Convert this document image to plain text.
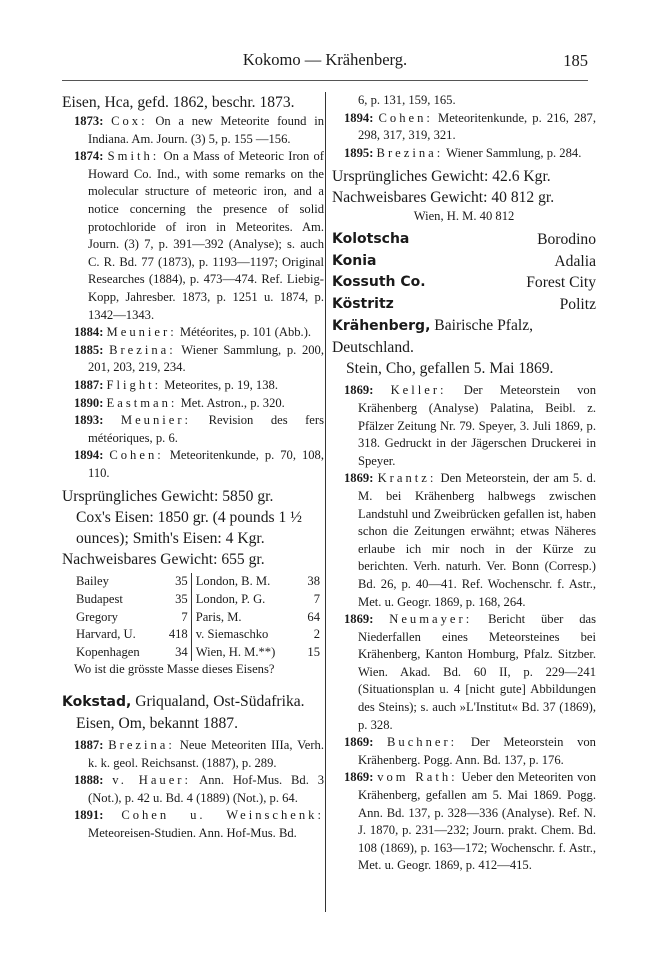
Kokomo — Krähenberg.	185
Eisen, Hca, gefd. 1862, beschr. 1873.
1873: Cox: On a new Meteorite found in Indiana. Am. Journ. (3) 5, p. 155 —156.
1874: Smith: On a Mass of Meteoric Iron of Howard Co. Ind., with some remarks on the molecular structure of meteoric iron, and a notice concerning the presence of solid protochloride of iron in Meteorites. Am. Journ. (3) 7, p. 391—392 (Analyse); s. auch C. R. Bd. 77 (1873), p. 1193—1197; Original Researches (1884), p. 473—474. Ref. Liebig-Kopp, Jahresber. 1873, p. 1251 u. 1874, p. 1342—1343.
1884: Meunier: Météorites, p. 101 (Abb.).
1885: Brezina: Wiener Sammlung, p. 200, 201, 203, 219, 234.
1887: Flight: Meteorites, p. 19, 138.
1890: Eastman: Met. Astron., p. 320.
1893: Meunier: Revision des fers météoriques, p. 6.
1894: Cohen: Meteoritenkunde, p. 70, 108, 110.
Ursprüngliches Gewicht: 5850 gr.
Cox's Eisen: 1850 gr. (4 pounds 1 ½ ounces); Smith's Eisen: 4 Kgr.
Nachweisbares Gewicht: 655 gr.
Bailey	35	London, B. M.	38
Budapest	35	London, P. G.	7
Gregory	7	Paris, M.	64
Harvard, U.	418	v. Siemaschko	2
Kopenhagen	34	Wien, H. M.**)	15
Wo ist die grösste Masse dieses Eisens?
Kokstad, Griqualand, Ost-Südafrika.
Eisen, Om, bekannt 1887.
1887: Brezina: Neue Meteoriten IIIa, Verh. k. k. geol. Reichsanst. (1887), p. 289.
1888: v. Hauer: Ann. Hof-Mus. Bd. 3 (Not.), p. 42 u. Bd. 4 (1889) (Not.), p. 64.
1891: Cohen u. Weinschenk: Meteoreisen-Studien. Ann. Hof-Mus. Bd.
6, p. 131, 159, 165.
1894: Cohen: Meteoritenkunde, p. 216, 287, 298, 317, 319, 321.
1895: Brezina: Wiener Sammlung, p. 284.
Ursprüngliches Gewicht: 42.6 Kgr.
Nachweisbares Gewicht: 40 812 gr.
Wien, H. M. 40 812
Kolotscha	Borodino
Konia	Adalia
Kossuth Co.	Forest City
Köstritz	Politz
Krähenberg, Bairische Pfalz, Deutschland.
Stein, Cho, gefallen 5. Mai 1869.
1869: Keller: Der Meteorstein von Krähenberg (Analyse) Palatina, Beibl. z. Pfälzer Zeitung Nr. 79. Speyer, 3. Juli 1869, p. 318. Gedruckt in der Jägerschen Druckerei in Speyer.
1869: Krantz: Den Meteorstein, der am 5. d. M. bei Krähenberg halbwegs zwischen Landstuhl und Zweibrücken gefallen ist, haben schon die Zeitungen erwähnt; etwas Näheres erlaube ich mir noch in der Kürze zu berichten. Verh. naturh. Ver. Bonn (Corresp.) Bd. 26, p. 40—41. Ref. Wochenschr. f. Astr., Met. u. Geogr. 1869, p. 168, 264.
1869: Neumayer: Bericht über das Niederfallen eines Meteorsteines bei Krähenberg, Kanton Homburg, Pfalz. Sitzber. Wien. Akad. Bd. 60 II, p. 229—241 (Situationsplan u. 4 [nicht gute] Abbildungen des Steins); s. auch »L'Institut« Bd. 37 (1869), p. 328.
1869: Buchner: Der Meteorstein von Krähenberg. Pogg. Ann. Bd. 137, p. 176.
1869: vom Rath: Ueber den Meteoriten von Krähenberg, gefallen am 5. Mai 1869. Pogg. Ann. Bd. 137, p. 328—336 (Analyse). Ref. N. J. 1870, p. 231—232; Journ. prakt. Chem. Bd. 108 (1869), p. 163—172; Wochenschr. f. Astr., Met. u. Geogr. 1869, p. 412—415.
